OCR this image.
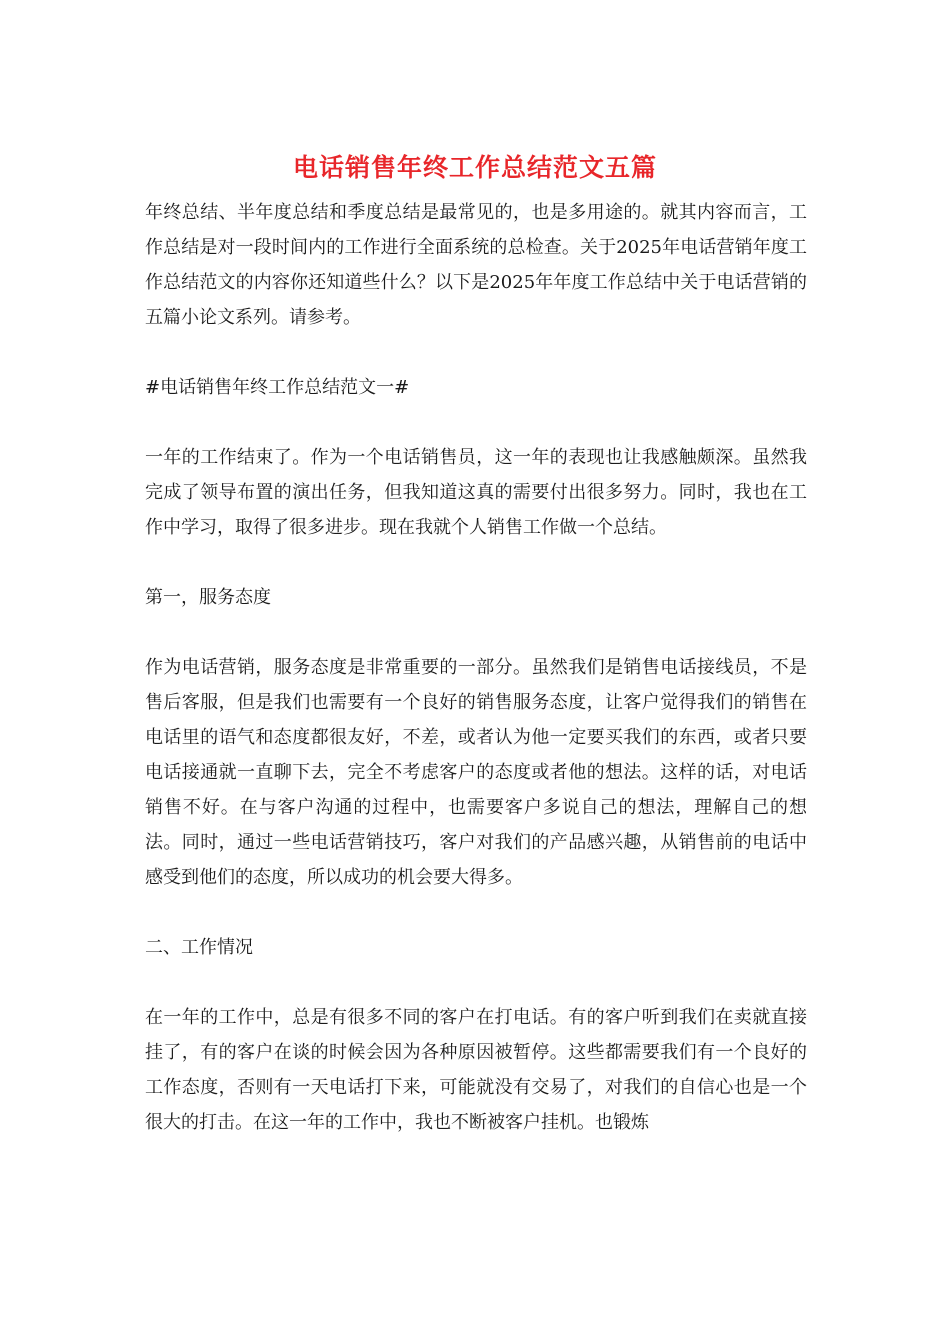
电话销售年终工作总结范文五篇

年终总结、半年度总结和季度总结是最常见的，也是多用途的。就其内容而言，工作总结是对一段时间内的工作进行全面系统的总检查。关于2025年电话营销年度工作总结范文的内容你还知道些什么？以下是2025年年度工作总结中关于电话营销的五篇小论文系列。请参考。

#电话销售年终工作总结范文一#

一年的工作结束了。作为一个电话销售员，这一年的表现也让我感触颇深。虽然我完成了领导布置的演出任务，但我知道这真的需要付出很多努力。同时，我也在工作中学习，取得了很多进步。现在我就个人销售工作做一个总结。

第一，服务态度

作为电话营销，服务态度是非常重要的一部分。虽然我们是销售电话接线员，不是售后客服，但是我们也需要有一个良好的销售服务态度，让客户觉得我们的销售在电话里的语气和态度都很友好，不差，或者认为他一定要买我们的东西，或者只要电话接通就一直聊下去，完全不考虑客户的态度或者他的想法。这样的话，对电话销售不好。在与客户沟通的过程中，也需要客户多说自己的想法，理解自己的想法。同时，通过一些电话营销技巧，客户对我们的产品感兴趣，从销售前的电话中感受到他们的态度，所以成功的机会要大得多。

二、工作情况

在一年的工作中，总是有很多不同的客户在打电话。有的客户听到我们在卖就直接挂了，有的客户在谈的时候会因为各种原因被暂停。这些都需要我们有一个良好的工作态度，否则有一天电话打下来，可能就没有交易了，对我们的自信心也是一个很大的打击。在这一年的工作中，我也不断被客户挂机。也锻炼
